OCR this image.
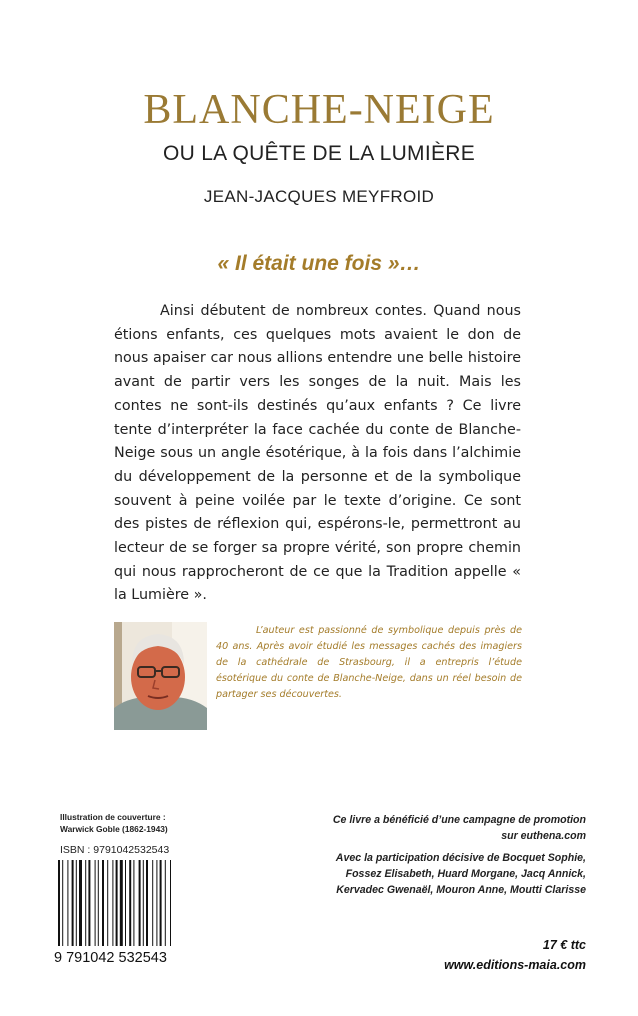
BLANCHE-NEIGE
OU LA QUÊTE DE LA LUMIÈRE
JEAN-JACQUES MEYFROID
« Il était une fois »…
Ainsi débutent de nombreux contes. Quand nous étions enfants, ces quelques mots avaient le don de nous apaiser car nous allions entendre une belle histoire avant de partir vers les songes de la nuit. Mais les contes ne sont-ils destinés qu’aux enfants ? Ce livre tente d’interpréter la face cachée du conte de Blanche-Neige sous un angle ésotérique, à la fois dans l’alchimie du développement de la personne et de la symbolique souvent à peine voilée par le texte d’origine. Ce sont des pistes de réflexion qui, espérons-le, permettront au lecteur de se forger sa propre vérité, son propre chemin qui nous rapprocheront de ce que la Tradition appelle « la Lumière ».
L’auteur est passionné de symbolique depuis près de 40 ans. Après avoir étudié les messages cachés des imagiers de la cathédrale de Strasbourg, il a entrepris l’étude ésotérique du conte de Blanche-Neige, dans un réel besoin de partager ses découvertes.
Illustration de couverture :
Warwick Goble (1862-1943)
ISBN : 9791042532543
9 791042 532543
Ce livre a bénéficié d’une campagne de promotion
sur euthena.com
Avec la participation décisive de Bocquet Sophie,
Fossez Elisabeth, Huard Morgane, Jacq Annick,
Kervadec Gwenaël, Mouron Anne, Moutti Clarisse
17 € ttc
www.editions-maia.com
